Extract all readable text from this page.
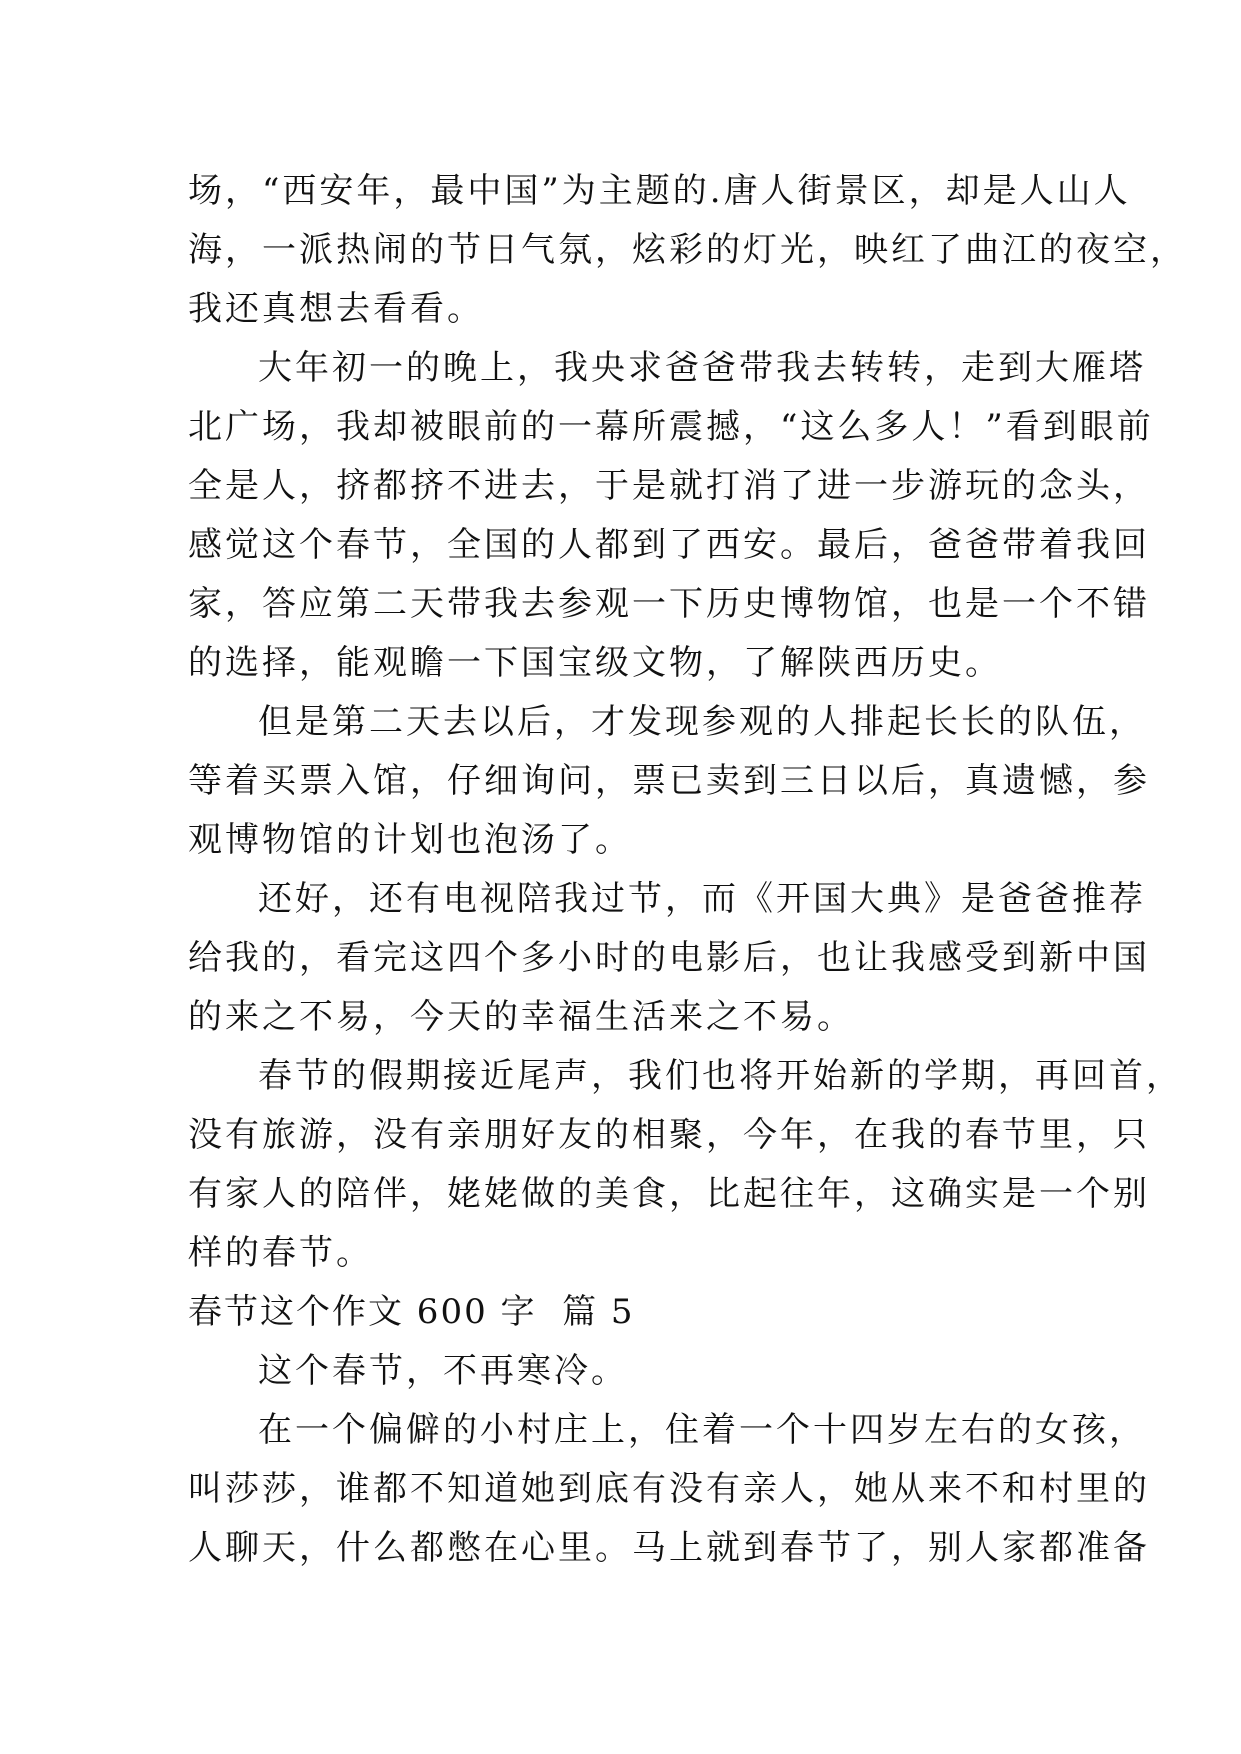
场，“西安年，最中国”为主题的.唐人街景区，却是人山人
海，一派热闹的节日气氛，炫彩的灯光，映红了曲江的夜空，
我还真想去看看。
大年初一的晚上，我央求爸爸带我去转转，走到大雁塔
北广场，我却被眼前的一幕所震撼，“这么多人！”看到眼前
全是人，挤都挤不进去，于是就打消了进一步游玩的念头，
感觉这个春节，全国的人都到了西安。最后，爸爸带着我回
家，答应第二天带我去参观一下历史博物馆，也是一个不错
的选择，能观瞻一下国宝级文物，了解陕西历史。
但是第二天去以后，才发现参观的人排起长长的队伍，
等着买票入馆，仔细询问，票已卖到三日以后，真遗憾，参
观博物馆的计划也泡汤了。
还好，还有电视陪我过节，而《开国大典》是爸爸推荐
给我的，看完这四个多小时的电影后，也让我感受到新中国
的来之不易，今天的幸福生活来之不易。
春节的假期接近尾声，我们也将开始新的学期，再回首，
没有旅游，没有亲朋好友的相聚，今年，在我的春节里，只
有家人的陪伴，姥姥做的美食，比起往年，这确实是一个别
样的春节。
春节这个作文 600 字  篇 5
这个春节，不再寒冷。
在一个偏僻的小村庄上，住着一个十四岁左右的女孩，
叫莎莎，谁都不知道她到底有没有亲人，她从来不和村里的
人聊天，什么都憋在心里。马上就到春节了，别人家都准备
